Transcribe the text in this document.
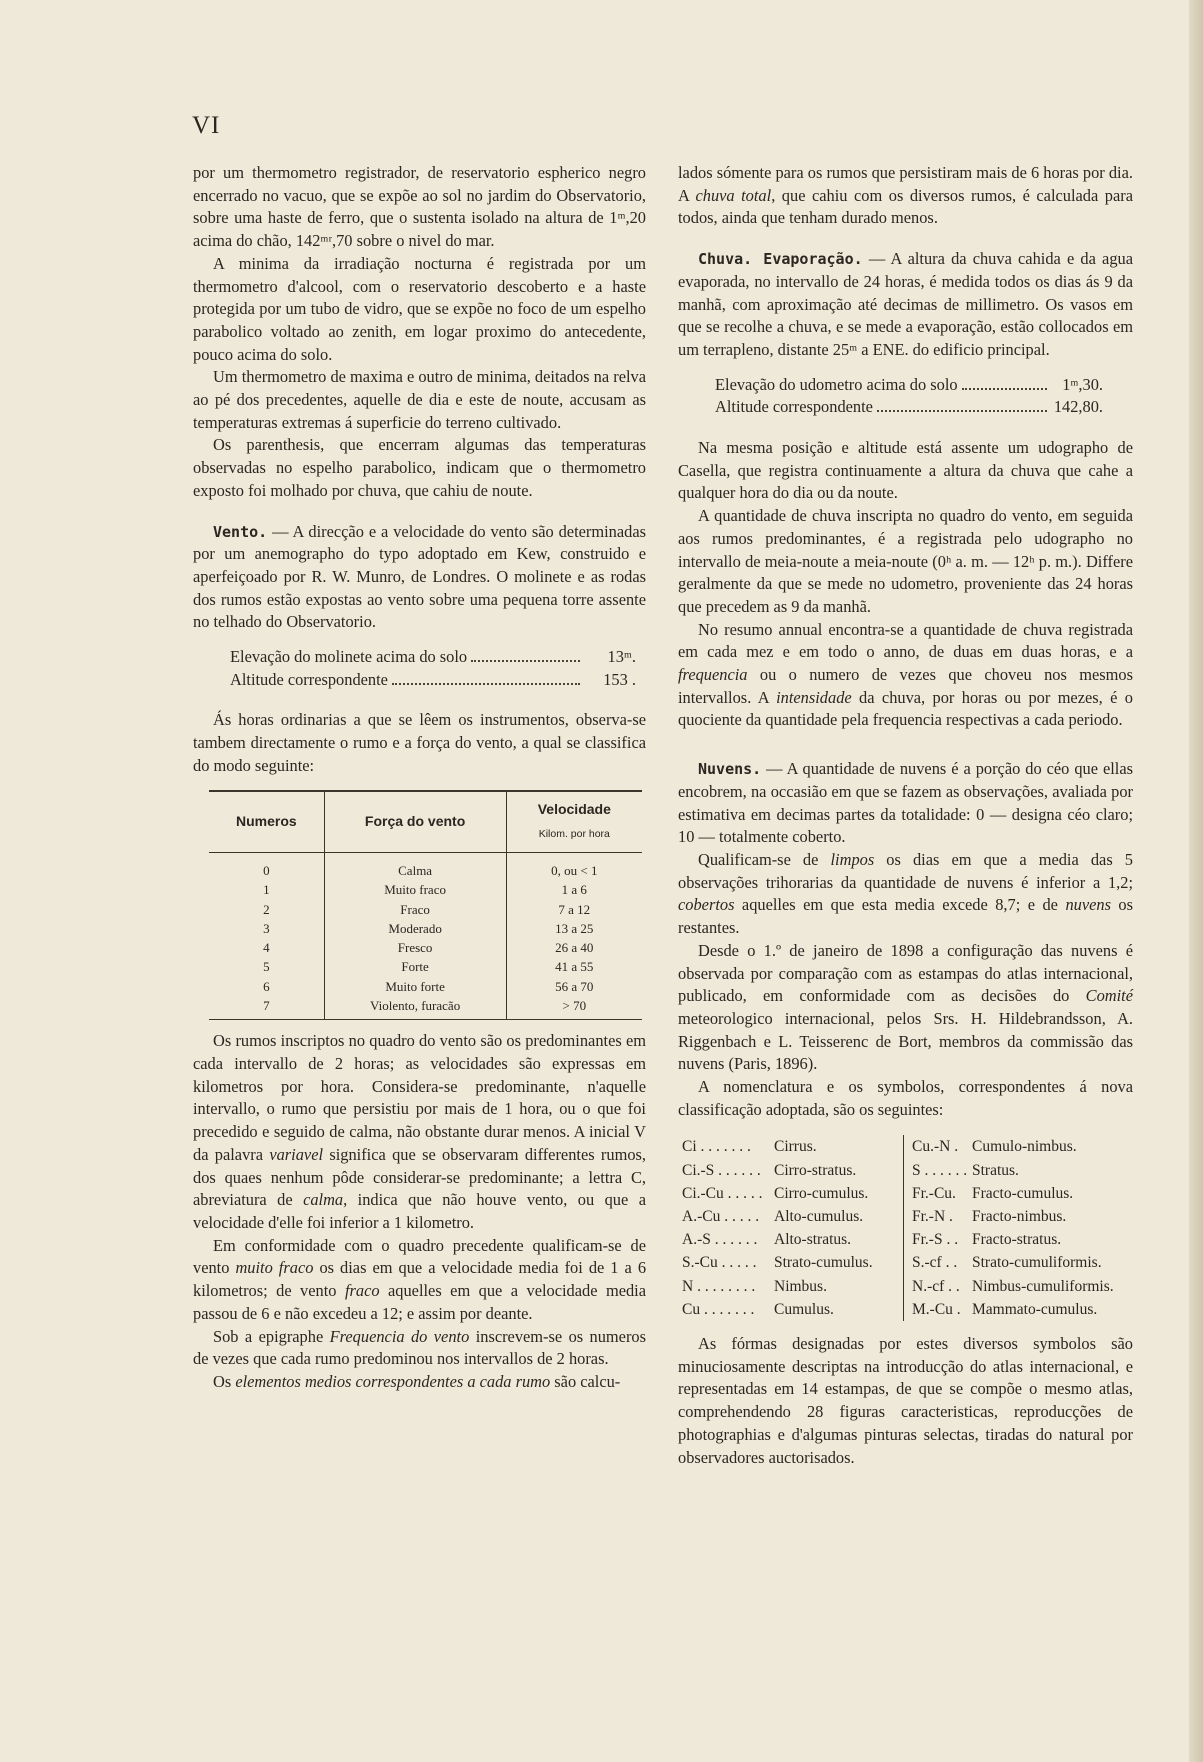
VI

por um thermometro registrador, de reservatorio espherico negro encerrado no vacuo, que se expõe ao sol no jardim do Observatorio, sobre uma haste de ferro, que o sustenta isolado na altura de 1ᵐ,20 acima do chão, 142ᵐʳ,70 sobre o nivel do mar.

A minima da irradiação nocturna é registrada por um thermometro d'alcool, com o reservatorio descoberto e a haste protegida por um tubo de vidro, que se expõe no foco de um espelho parabolico voltado ao zenith, em logar proximo do antecedente, pouco acima do solo.

Um thermometro de maxima e outro de minima, deitados na relva ao pé dos precedentes, aquelle de dia e este de noute, accusam as temperaturas extremas á superficie do terreno cultivado.

Os parenthesis, que encerram algumas das temperaturas observadas no espelho parabolico, indicam que o thermometro exposto foi molhado por chuva, que cahiu de noute.

Vento. — A direcção e a velocidade do vento são determinadas por um anemographo do typo adoptado em Kew, construido e aperfeiçoado por R. W. Munro, de Londres. O molinete e as rodas dos rumos estão expostas ao vento sobre uma pequena torre assente no telhado do Observatorio.

Elevação do molinete acima do solo	13ᵐ.
Altitude correspondente	153 .

Ás horas ordinarias a que se lêem os instrumentos, observa-se tambem directamente o rumo e a força do vento, a qual se classifica do modo seguinte:

Numeros	Força do vento	Velocidade
Kilom. por hora

0	Calma	0, ou < 1
1	Muito fraco	1 a 6
2	Fraco	7 a 12
3	Moderado	13 a 25
4	Fresco	26 a 40
5	Forte	41 a 55
6	Muito forte	56 a 70
7	Violento, furacão	> 70

Os rumos inscriptos no quadro do vento são os predominantes em cada intervallo de 2 horas; as velocidades são expressas em kilometros por hora. Considera-se predominante, n'aquelle intervallo, o rumo que persistiu por mais de 1 hora, ou o que foi precedido e seguido de calma, não obstante durar menos. A inicial V da palavra variavel significa que se observaram differentes rumos, dos quaes nenhum pôde considerar-se predominante; a lettra C, abreviatura de calma, indica que não houve vento, ou que a velocidade d'elle foi inferior a 1 kilometro.

Em conformidade com o quadro precedente qualificam-se de vento muito fraco os dias em que a velocidade media foi de 1 a 6 kilometros; de vento fraco aquelles em que a velocidade media passou de 6 e não excedeu a 12; e assim por deante.

Sob a epigraphe Frequencia do vento inscrevem-se os numeros de vezes que cada rumo predominou nos intervallos de 2 horas.

Os elementos medios correspondentes a cada rumo são calcu-

lados sómente para os rumos que persistiram mais de 6 horas por dia. A chuva total, que cahiu com os diversos rumos, é calculada para todos, ainda que tenham durado menos.

Chuva. Evaporação. — A altura da chuva cahida e da agua evaporada, no intervallo de 24 horas, é medida todos os dias ás 9 da manhã, com aproximação até decimas de millimetro. Os vasos em que se recolhe a chuva, e se mede a evaporação, estão collocados em um terrapleno, distante 25ᵐ a ENE. do edificio principal.

Elevação do udometro acima do solo	1ᵐ,30.
Altitude correspondente	142,80.

Na mesma posição e altitude está assente um udographo de Casella, que registra continuamente a altura da chuva que cahe a qualquer hora do dia ou da noute.

A quantidade de chuva inscripta no quadro do vento, em seguida aos rumos predominantes, é a registrada pelo udographo no intervallo de meia-noute a meia-noute (0ʰ a. m. — 12ʰ p. m.). Differe geralmente da que se mede no udometro, proveniente das 24 horas que precedem as 9 da manhã.

No resumo annual encontra-se a quantidade de chuva registrada em cada mez e em todo o anno, de duas em duas horas, e a frequencia ou o numero de vezes que choveu nos mesmos intervallos. A intensidade da chuva, por horas ou por mezes, é o quociente da quantidade pela frequencia respectivas a cada periodo.

Nuvens. — A quantidade de nuvens é a porção do céo que ellas encobrem, na occasião em que se fazem as observações, avaliada por estimativa em decimas partes da totalidade: 0 — designa céo claro; 10 — totalmente coberto.

Qualificam-se de limpos os dias em que a media das 5 observações trihorarias da quantidade de nuvens é inferior a 1,2; cobertos aquelles em que esta media excede 8,7; e de nuvens os restantes.

Desde o 1.º de janeiro de 1898 a configuração das nuvens é observada por comparação com as estampas do atlas internacional, publicado, em conformidade com as decisões do Comité meteorologico internacional, pelos Srs. H. Hildebrandsson, A. Riggenbach e L. Teisserenc de Bort, membros da commissão das nuvens (Paris, 1896).

A nomenclatura e os symbolos, correspondentes á nova classificação adoptada, são os seguintes:

Ci . . . . . . .	Cirrus.
Ci.-S . . . . . . Cirro-stratus.
Ci.-Cu . . . . . Cirro-cumulus.
A.-Cu . . . . . Alto-cumulus.
A.-S . . . . . .	Alto-stratus.
S.-Cu . . . . .	Strato-cumulus.
N . . . . . . . .	Nimbus.
Cu . . . . . . .	Cumulus.
Cu.-N . Cumulo-nimbus.
S . . . . . . Stratus.
Fr.-Cu.	Fracto-cumulus.
Fr.-N .	Fracto-nimbus.
Fr.-S . . Fracto-stratus.
S.-cf . . Strato-cumuliformis.
N.-cf . . Nimbus-cumuliformis.
M.-Cu . Mammato-cumulus.

As fórmas designadas por estes diversos symbolos são minuciosamente descriptas na introducção do atlas internacional, e representadas em 14 estampas, de que se compõe o mesmo atlas, comprehendendo 28 figuras caracteristicas, reproducções de photographias e d'algumas pinturas selectas, tiradas do natural por observadores auctorisados.
